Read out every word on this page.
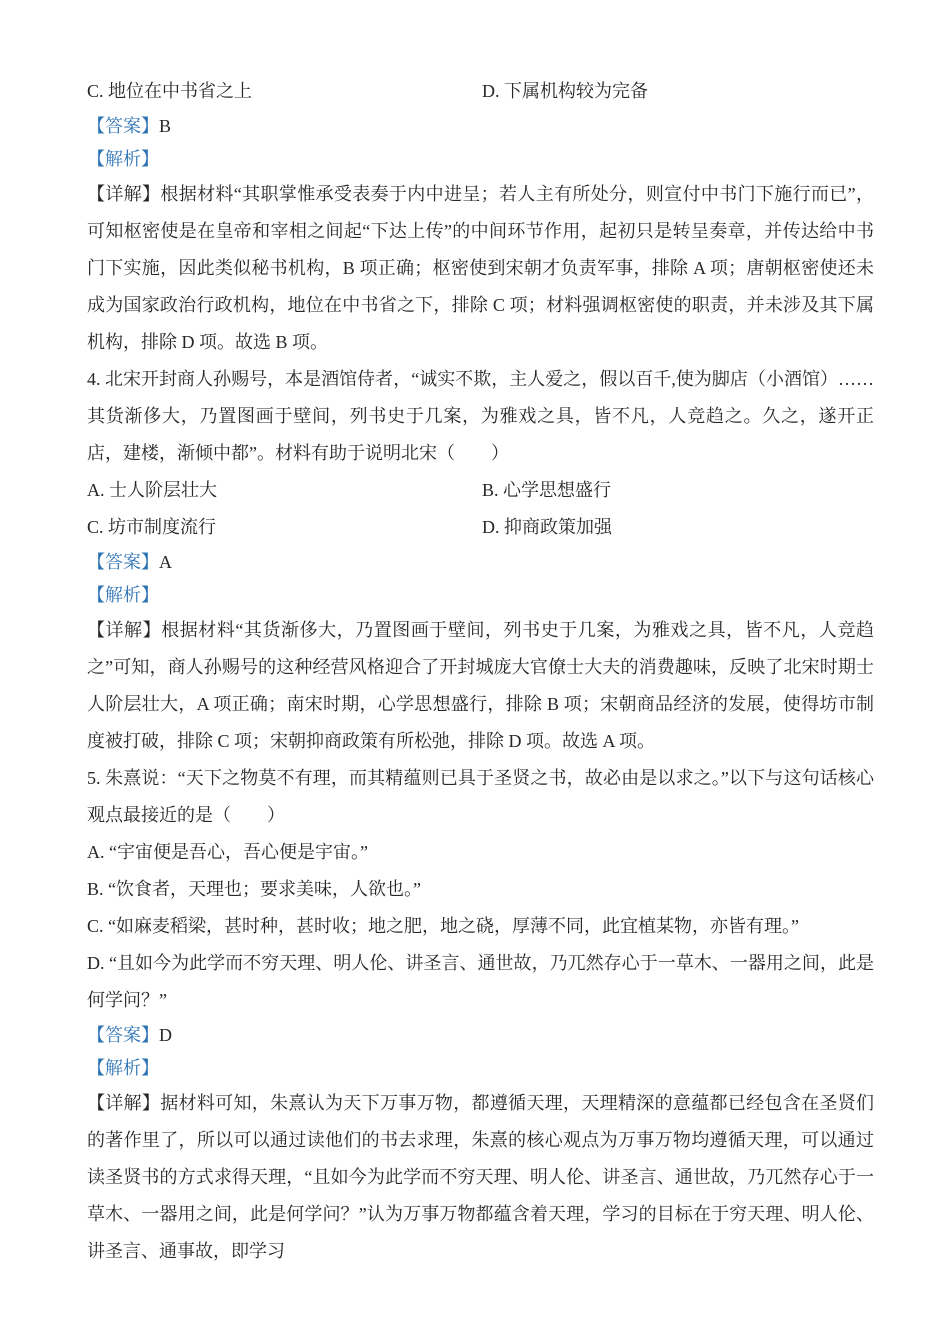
C. 地位在中书省之上	D. 下属机构较为完备

【答案】B

【解析】

【详解】根据材料“其职掌惟承受表奏于内中进呈；若人主有所处分，则宣付中书门下施行而已”，可知枢密使是在皇帝和宰相之间起“下达上传”的中间环节作用，起初只是转呈奏章，并传达给中书门下实施，因此类似秘书机构，B 项正确；枢密使到宋朝才负责军事，排除 A 项；唐朝枢密使还未成为国家政治行政机构，地位在中书省之下，排除 C 项；材料强调枢密使的职责，并未涉及其下属机构，排除 D 项。故选 B 项。

4. 北宋开封商人孙赐号，本是酒馆侍者，“诚实不欺，主人爱之，假以百千,使为脚店（小酒馆）……其货渐侈大，乃置图画于壁间，列书史于几案，为雅戏之具，皆不凡，人竞趋之。久之，遂开正店，建楼，渐倾中都”。材料有助于说明北宋（　　）

A. 士人阶层壮大	B. 心学思想盛行
C. 坊市制度流行	D. 抑商政策加强

【答案】A

【解析】

【详解】根据材料“其货渐侈大，乃置图画于壁间，列书史于几案，为雅戏之具，皆不凡，人竞趋之”可知，商人孙赐号的这种经营风格迎合了开封城庞大官僚士大夫的消费趣味，反映了北宋时期士人阶层壮大，A 项正确；南宋时期，心学思想盛行，排除 B 项；宋朝商品经济的发展，使得坊市制度被打破，排除 C 项；宋朝抑商政策有所松弛，排除 D 项。故选 A 项。

5. 朱熹说：“天下之物莫不有理，而其精蕴则已具于圣贤之书，故必由是以求之。”以下与这句话核心观点最接近的是（　　）

A. “宇宙便是吾心，吾心便是宇宙。”

B. “饮食者，天理也；要求美味，人欲也。”

C. “如麻麦稻梁，甚时种，甚时收；地之肥，地之硗，厚薄不同，此宜植某物，亦皆有理。”

D. “且如今为此学而不穷天理、明人伦、讲圣言、通世故，乃兀然存心于一草木、一器用之间，此是何学问？”

【答案】D

【解析】

【详解】据材料可知，朱熹认为天下万事万物，都遵循天理，天理精深的意蕴都已经包含在圣贤们的著作里了，所以可以通过读他们的书去求理，朱熹的核心观点为万事万物均遵循天理，可以通过读圣贤书的方式求得天理，“且如今为此学而不穷天理、明人伦、讲圣言、通世故，乃兀然存心于一草木、一器用之间，此是何学问？”认为万事万物都蕴含着天理，学习的目标在于穷天理、明人伦、讲圣言、通事故，即学习
